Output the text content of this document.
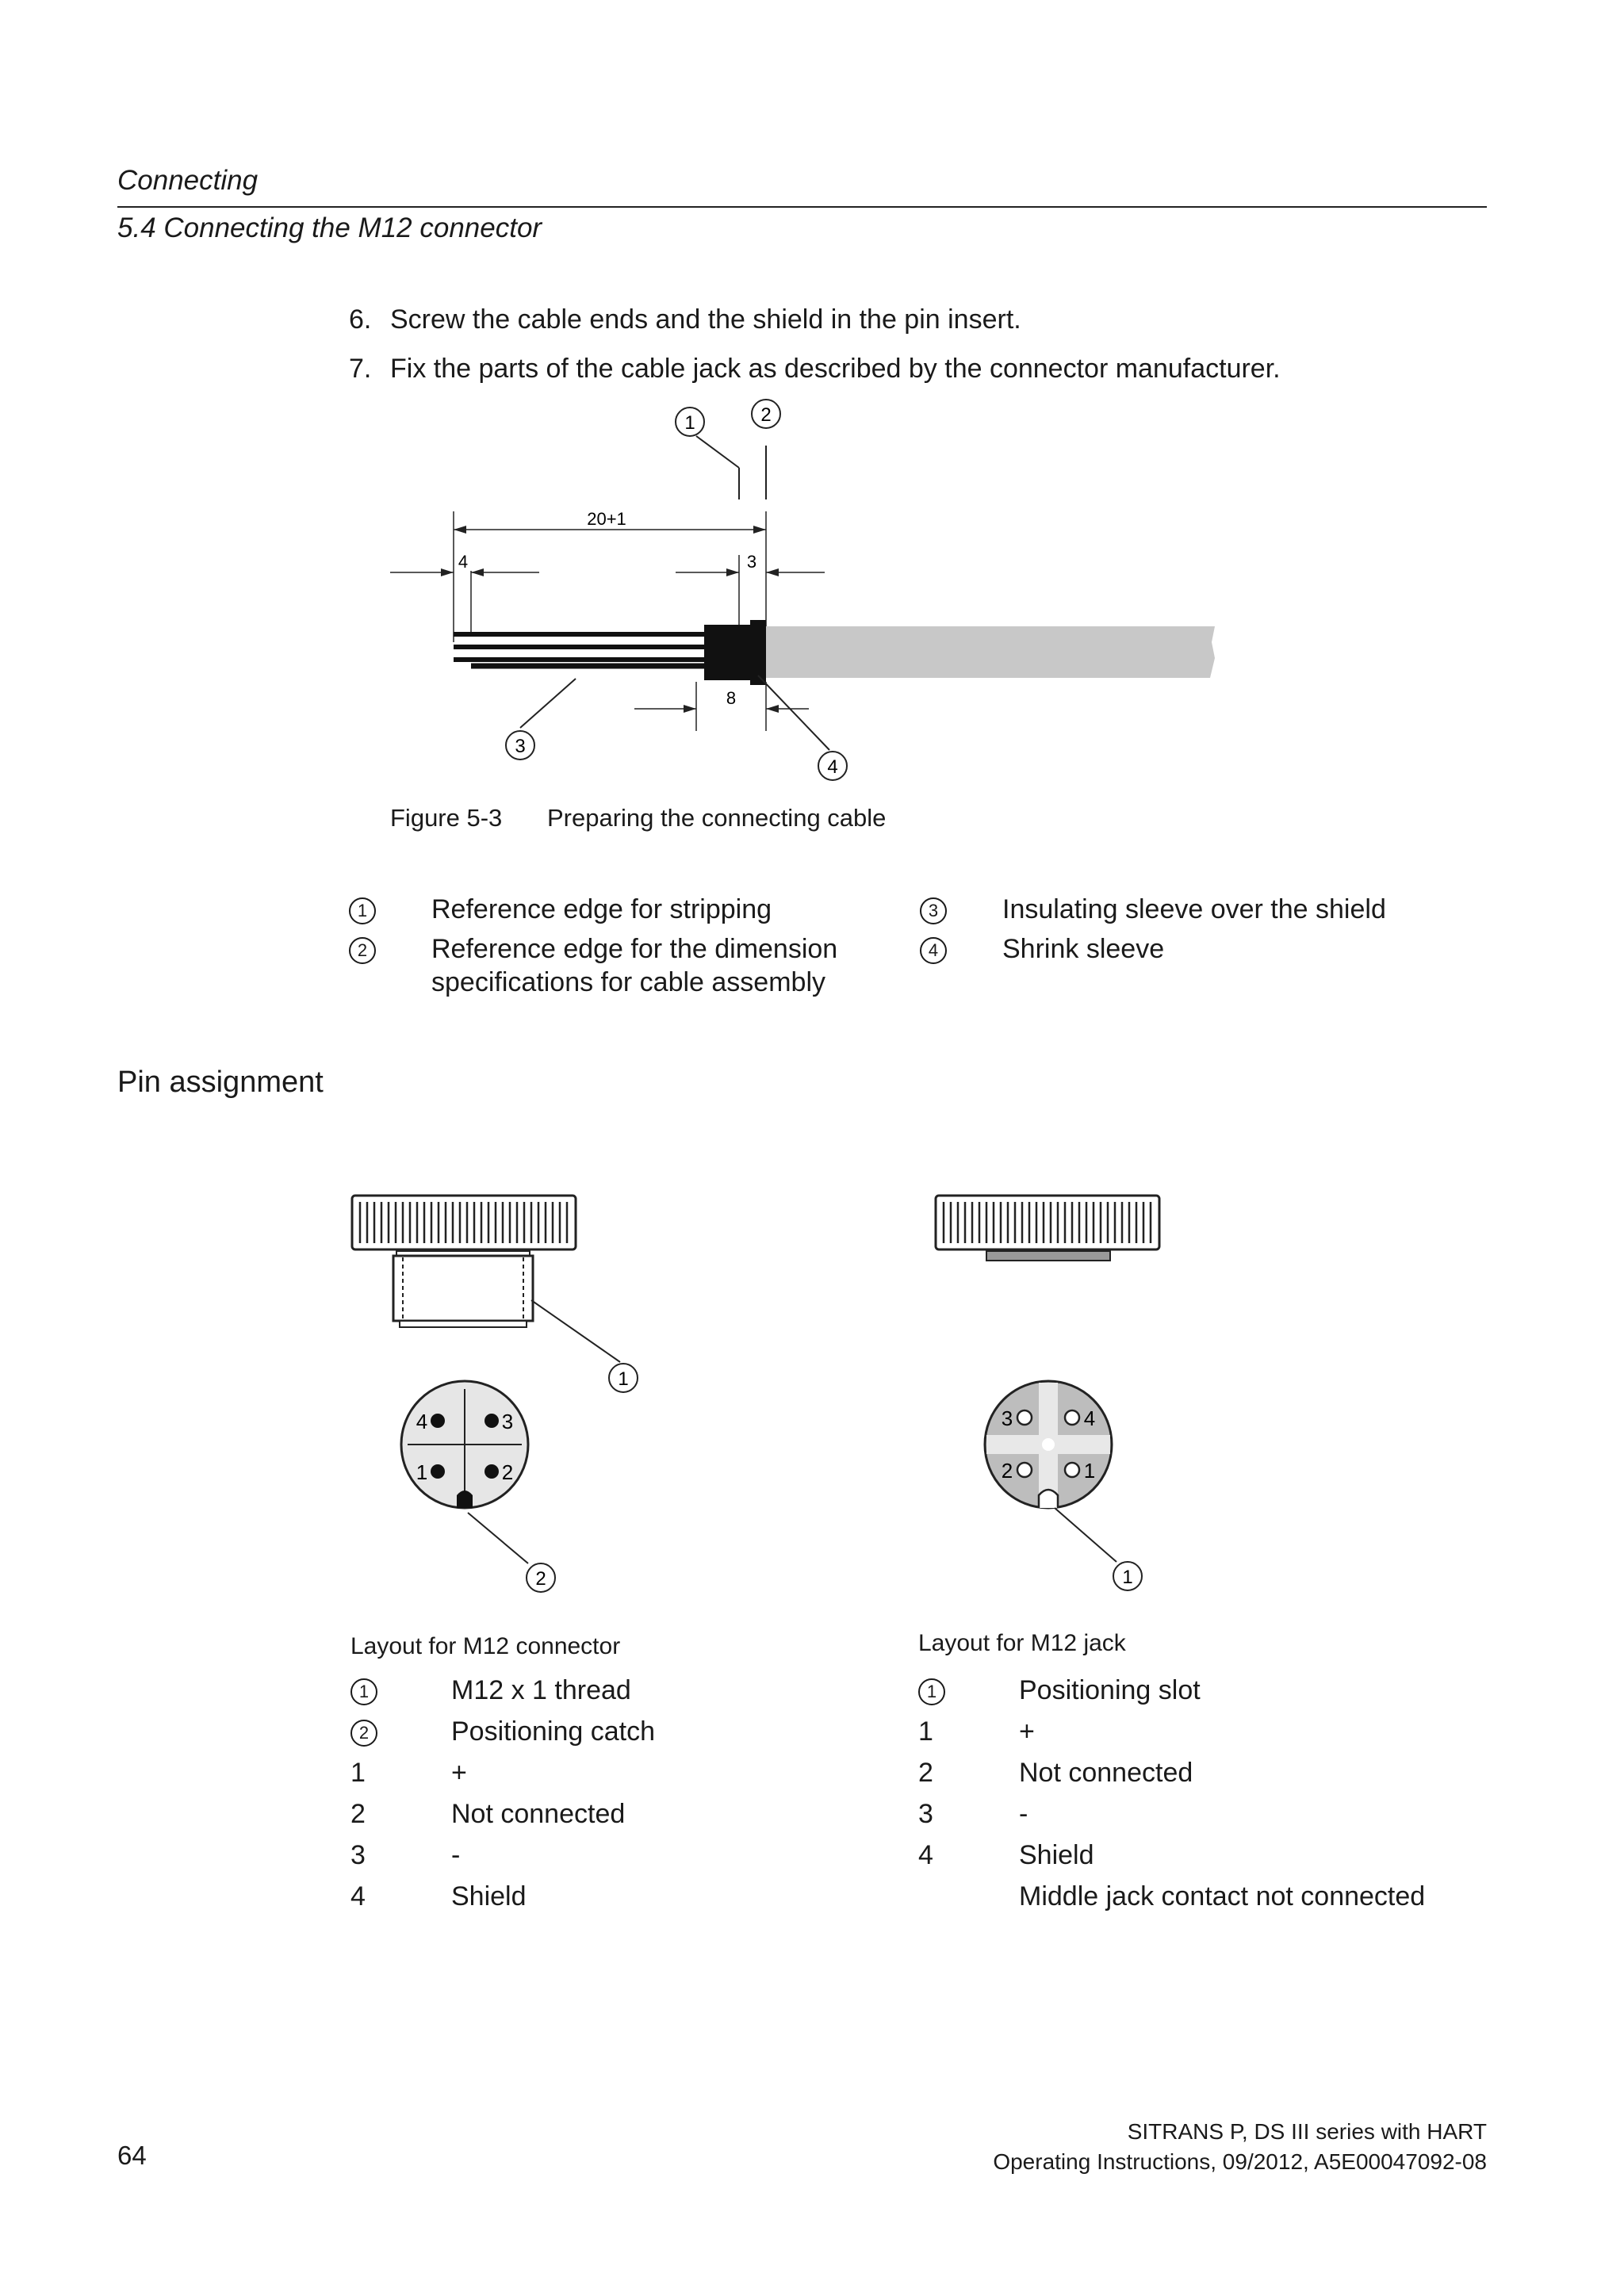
Connecting
5.4 Connecting the M12 connector
6. Screw the cable ends and the shield in the pin insert.
7. Fix the parts of the cable jack as described by the connector manufacturer.
1	2
20+1
4	3
8
3
4
Figure 5-3	Preparing the connecting cable
1	Reference edge for stripping
2	Reference edge for the dimension specifications for cable assembly
3	Insulating sleeve over the shield
4	Shrink sleeve
Pin assignment
1
4	3
1	2
2
3	4
2	1
1
Layout for M12 connector
1	M12 x 1 thread
2	Positioning catch
1	+
2	Not connected
3	-
4	Shield
Layout for M12 jack
1	Positioning slot
1	+
2	Not connected
3	-
4	Shield
Middle jack contact not connected
64
SITRANS P, DS III series with HART
Operating Instructions, 09/2012, A5E00047092-08
